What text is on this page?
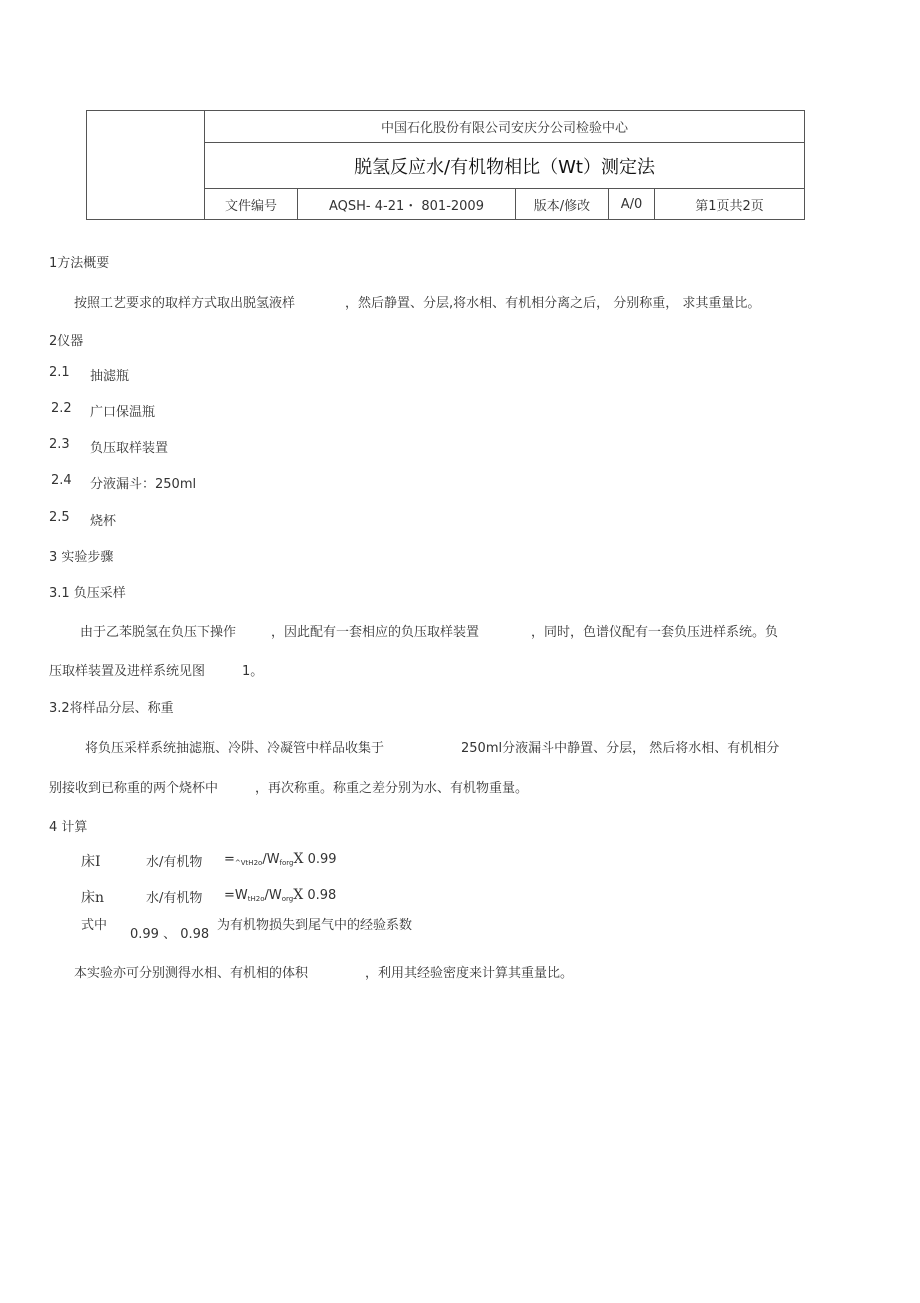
	中国石化股份有限公司安庆分公司检验中心				
	脱氢反应水/有机物相比（Wt）测定法				
	文件编号	AQSH- 4-21・ 801-2009	版本/修改	A/0	第1页共2页
1方法概要
按照工艺要求的取样方式取出脱氢液样	，然后静置、分层,将水相、有机相分离之后， 分别称重， 求其重量比。
2仪器
2.1 抽滤瓶
2.2 广口保温瓶
2.3 负压取样装置
2.4 分液漏斗：250ml
2.5 烧杯
3 实验步骤
3.1 负压采样
由于乙苯脱氢在负压下操作	，因此配有一套相应的负压取样装置	，同时，色谱仪配有一套负压进样系统。负
压取样装置及进样系统见图	1。
3.2将样品分层、称重
将负压采样系统抽滤瓶、冷阱、冷凝管中样品收集于	250ml分液漏斗中静置、分层， 然后将水相、有机相分
别接收到已称重的两个烧杯中	，再次称重。称重之差分别为水、有机物重量。
4 计算
床I	水/有机物 $=_{\^{}VtH2o}/W_{forg}X$ 0.99
床n	水/有机物 $=W_{tH2o}/W_{org}X$ 0.98
式中
0.99 、 0.98
为有机物损失到尾气中的经验系数
本实验亦可分别测得水相、有机相的体积	，利用其经验密度来计算其重量比。
